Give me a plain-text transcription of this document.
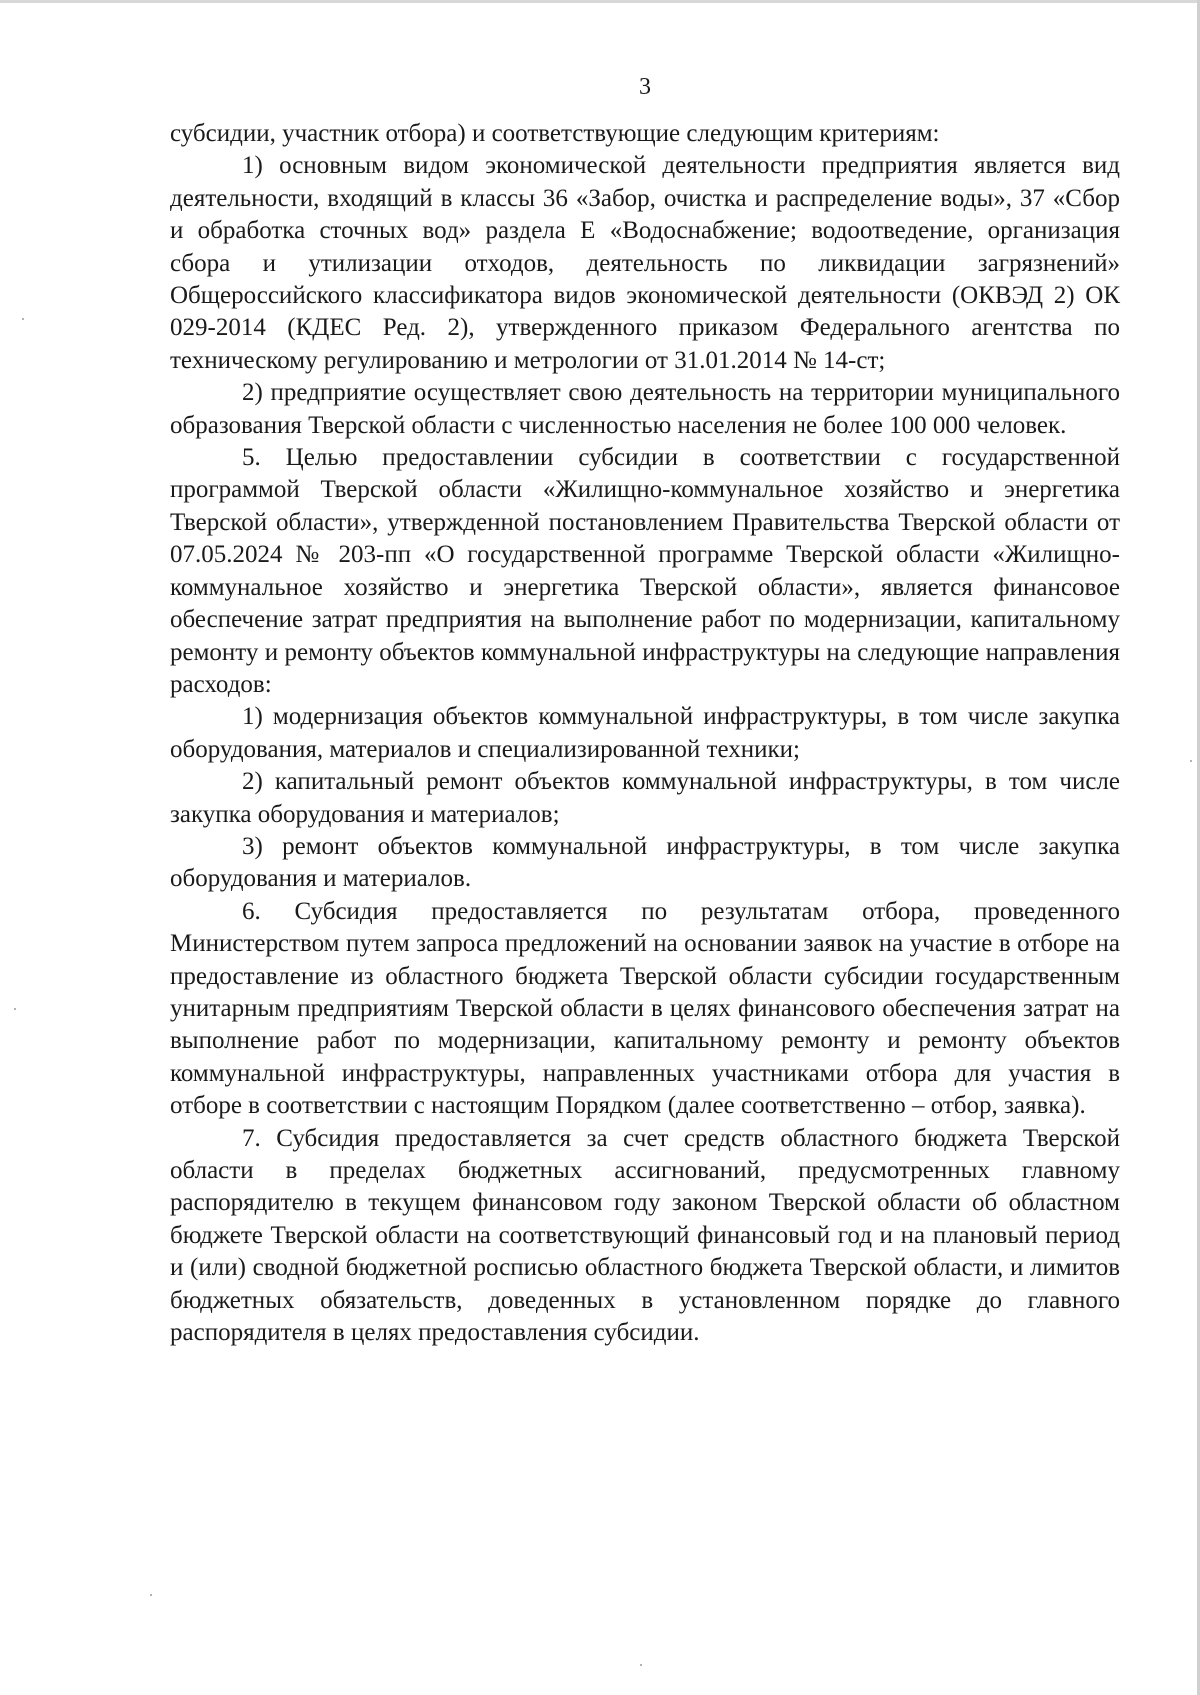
3

субсидии, участник отбора) и соответствующие следующим критериям:

1) основным видом экономической деятельности предприятия является вид деятельности, входящий в классы 36 «Забор, очистка и распределение воды», 37 «Сбор и обработка сточных вод» раздела Е «Водоснабжение; водоотведение, организация сбора и утилизации отходов, деятельность по ликвидации загрязнений» Общероссийского классификатора видов экономической деятельности (ОКВЭД 2) ОК 029-2014 (КДЕС Ред. 2), утвержденного приказом Федерального агентства по техническому регулированию и метрологии от 31.01.2014 № 14-ст;

2) предприятие осуществляет свою деятельность на территории муниципального образования Тверской области с численностью населения не более 100 000 человек.

5. Целью предоставлении субсидии в соответствии с государственной программой Тверской области «Жилищно-коммунальное хозяйство и энергетика Тверской области», утвержденной постановлением Правительства Тверской области от 07.05.2024 № 203-пп «О государственной программе Тверской области «Жилищно-коммунальное хозяйство и энергетика Тверской области», является финансовое обеспечение затрат предприятия на выполнение работ по модернизации, капитальному ремонту и ремонту объектов коммунальной инфраструктуры на следующие направления расходов:

1) модернизация объектов коммунальной инфраструктуры, в том числе закупка оборудования, материалов и специализированной техники;

2) капитальный ремонт объектов коммунальной инфраструктуры, в том числе закупка оборудования и материалов;

3) ремонт объектов коммунальной инфраструктуры, в том числе закупка оборудования и материалов.

6. Субсидия предоставляется по результатам отбора, проведенного Министерством путем запроса предложений на основании заявок на участие в отборе на предоставление из областного бюджета Тверской области субсидии государственным унитарным предприятиям Тверской области в целях финансового обеспечения затрат на выполнение работ по модернизации, капитальному ремонту и ремонту объектов коммунальной инфраструктуры, направленных участниками отбора для участия в отборе в соответствии с настоящим Порядком (далее соответственно – отбор, заявка).

7. Субсидия предоставляется за счет средств областного бюджета Тверской области в пределах бюджетных ассигнований, предусмотренных главному распорядителю в текущем финансовом году законом Тверской области об областном бюджете Тверской области на соответствующий финансовый год и на плановый период и (или) сводной бюджетной росписью областного бюджета Тверской области, и лимитов бюджетных обязательств, доведенных в установленном порядке до главного распорядителя в целях предоставления субсидии.
